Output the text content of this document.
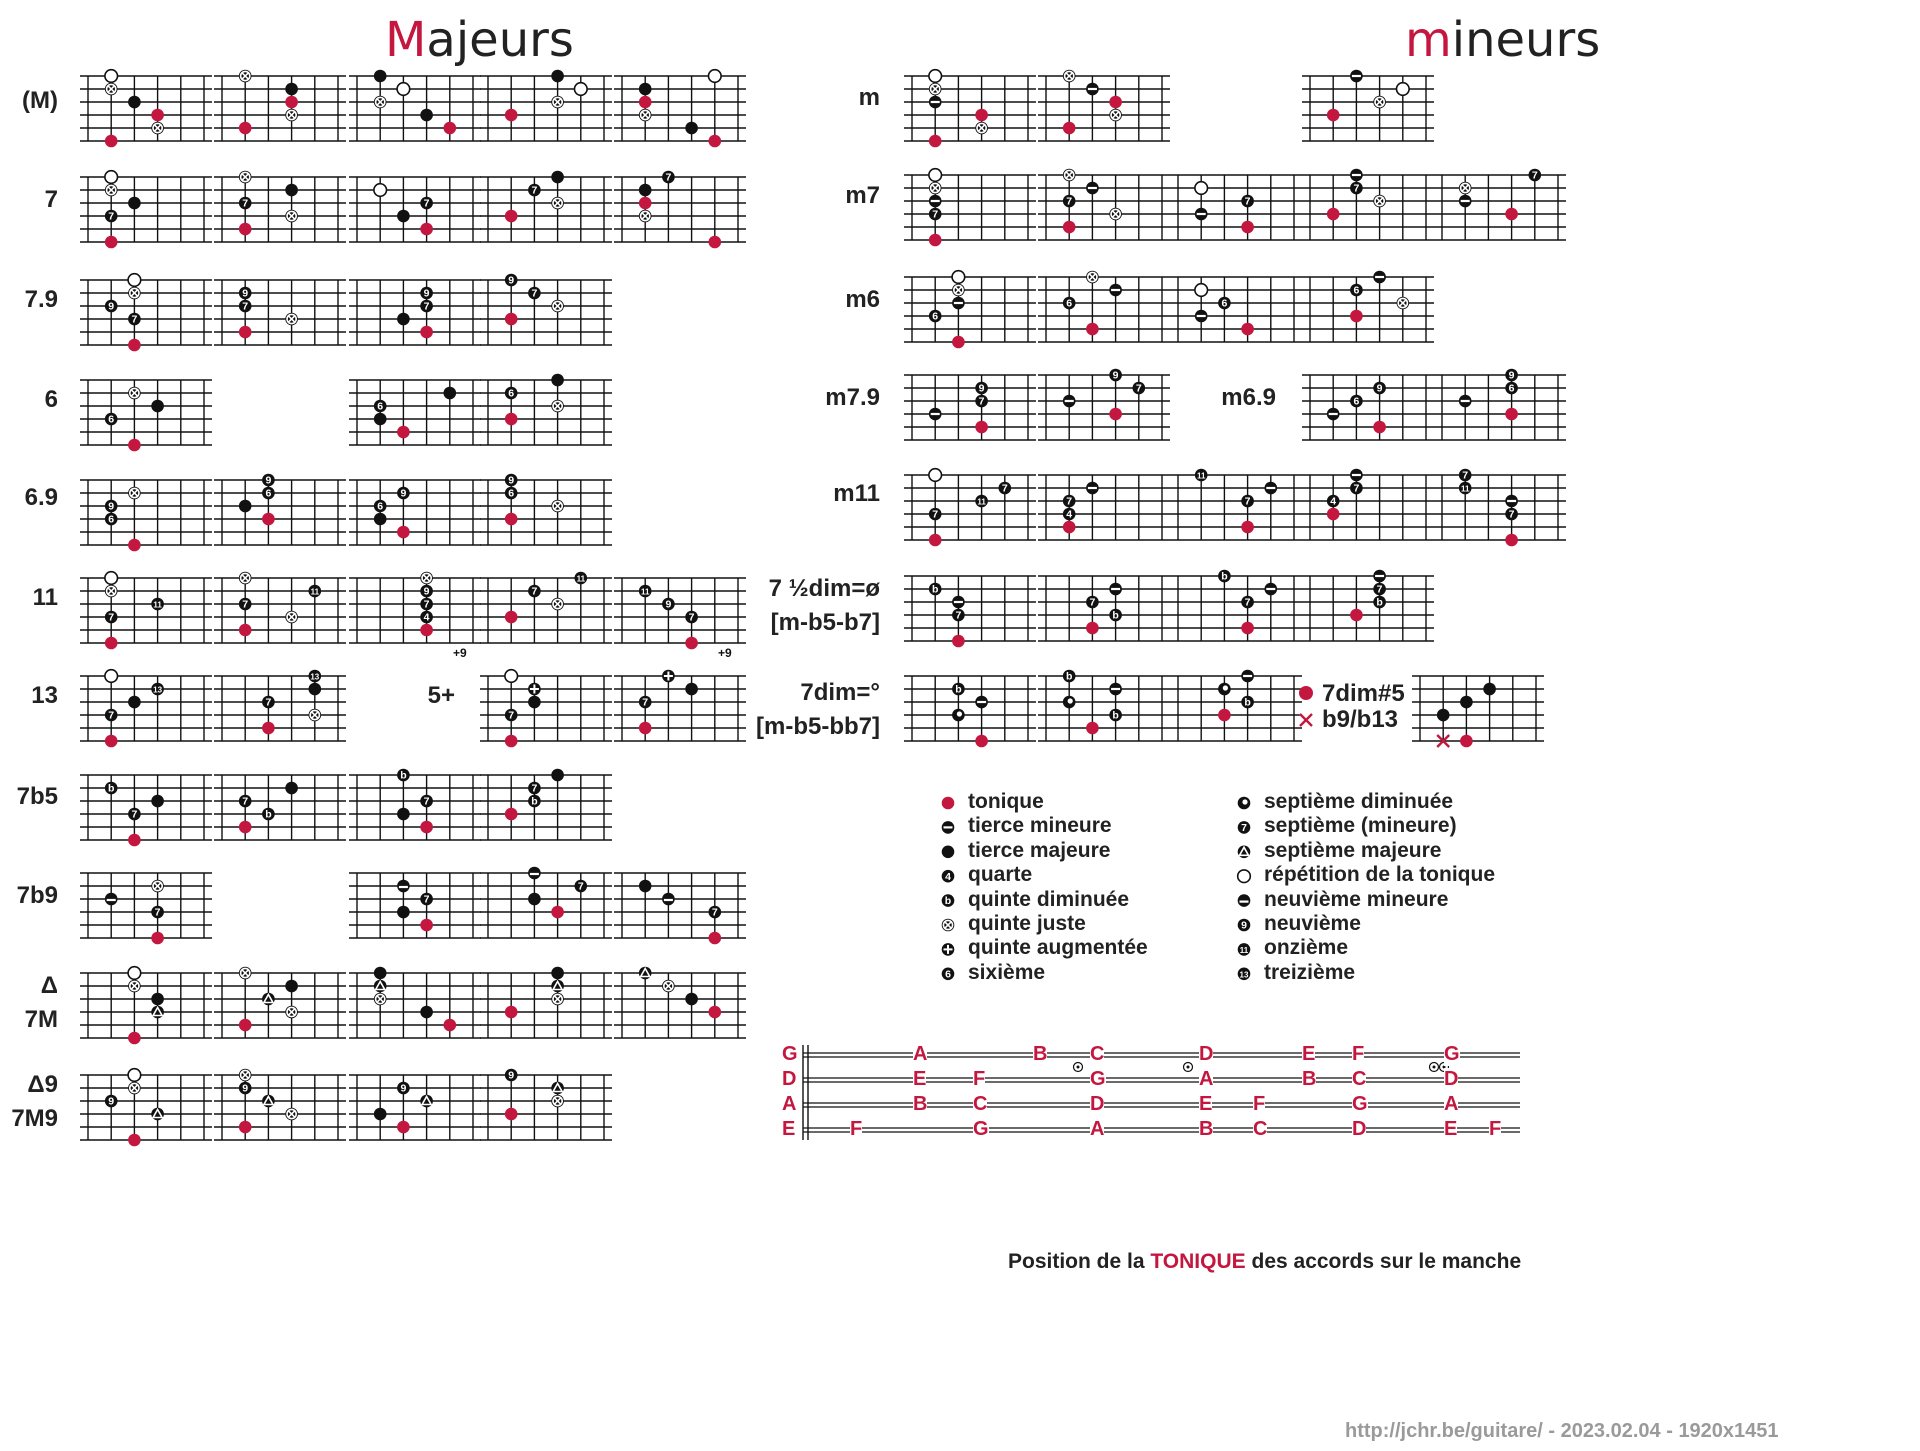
Majeurs	mineurs
7
7	7
7
7
9
7
9
7
9
7
9
7
6
6
6
9
6
9
6	9
6
9
6
11
7
11
7
9
7
4
+9
11
7	11
9
7
+9
13
7
13
7
7
7
b
7
7
b
b
7
7
b
7
7
7
7
9
9	9
9
7
7	7
7
7
6
6	6
6
9
7
9
7
6
9
9
6
11
7
7
7
4
11
7	4
7
7
11
7
b
7
7
b
b
7
7
b
b
b
b
b
4
b
6
7
9
11
13
(M)
7
7.9
6
6.9
11
13
7b5
7b9
Δ
7M
Δ9
7M9
m
m7
m6
m7.9
m11
7 ½dim=ø
[m-b5-b7]
7dim=°
[m-b5-bb7]
m6.9
5+	7dim#5
b9/b13
G	A	B C	D	E F	G
D	E F	G	A	B C	D
A	B C	D	E F	G	A
E	F	G	A	B C	D	E F
tonique
tierce mineure
tierce majeure
quarte
quinte diminuée
quinte juste
quinte augmentée
sixième
septième diminuée
septième (mineure)
septième majeure
répétition de la tonique
neuvième mineure
neuvième
onzième
treizième
Position de la TONIQUE des accords sur le manche
http://jchr.be/guitare/ - 2023.02.04 - 1920x1451
